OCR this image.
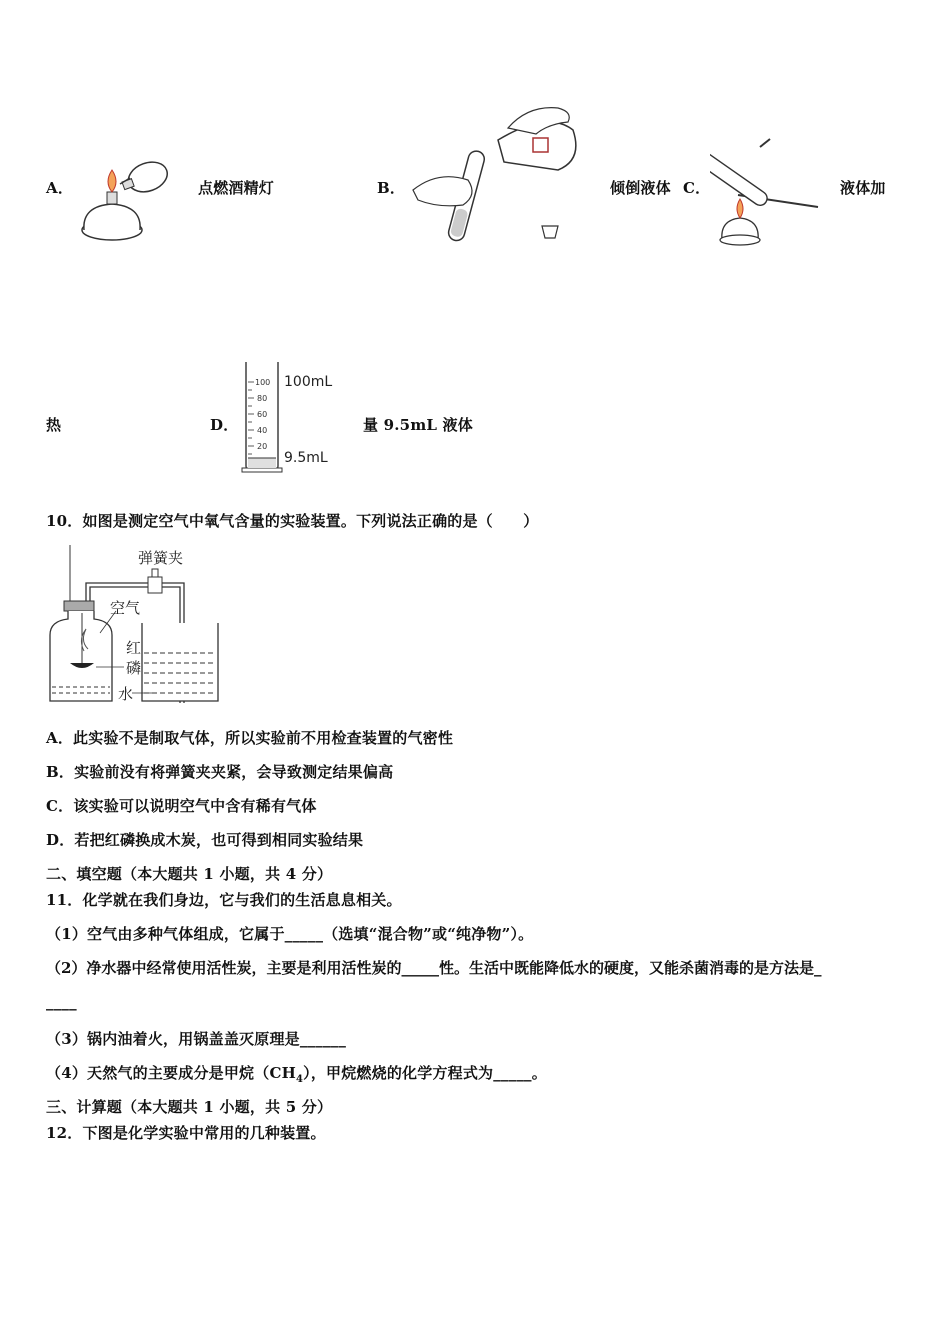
A．	点燃酒精灯	B．	倾倒液体 C．	液体加
热	D．
100
80
60
40
20
100mL
9.5mL
量 9.5mL 液体
10．如图是测定空气中氧气含量的实验装置。下列说法正确的是（　　）
弹簧夹
空气
红
磷
水
A．此实验不是制取气体，所以实验前不用检查装置的气密性
B．实验前没有将弹簧夹夹紧，会导致测定结果偏高
C．该实验可以说明空气中含有稀有气体
D．若把红磷换成木炭，也可得到相同实验结果
二、填空题（本大题共 1 小题，共 4 分）
11．化学就在我们身边，它与我们的生活息息相关。
（1）空气由多种气体组成，它属于_____（选填“混合物”或“纯净物”）。
（2）净水器中经常使用活性炭，主要是利用活性炭的_____性。生活中既能降低水的硬度，又能杀菌消毒的是方法是_
____
（3）锅内油着火，用锅盖盖灭原理是______
（4）天然气的主要成分是甲烷$(CH_4)$，甲烷燃烧的化学方程式为_____。
三、计算题（本大题共 1 小题，共 5 分）
12．下图是化学实验中常用的几种装置。
